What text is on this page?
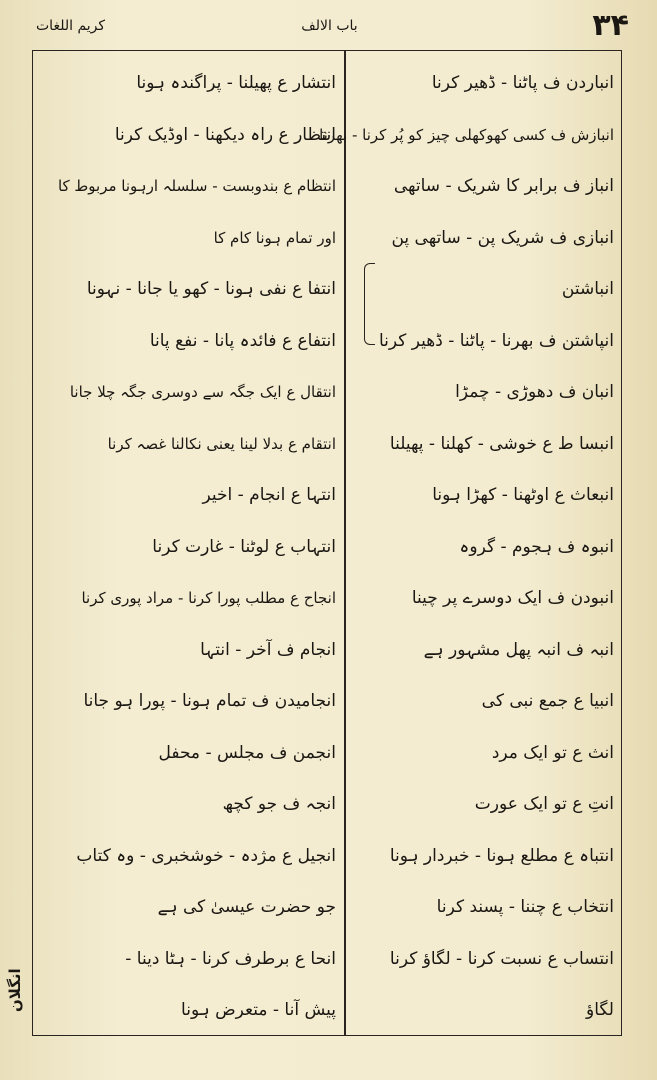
کریم اللغات	باب الالف	۳۴
انتشار ع پھیلنا - پراگندہ ہونا
انتظار ع راہ دیکھنا - اوڈیک کرنا
انتظام ع بندوبست - سلسلہ ارہونا مربوط کا
اور تمام ہونا کام کا
انتفا ع نفی ہونا - کھو یا جانا - نہونا
انتفاع ع فائدہ پانا - نفع پانا
انتقال ع ایک جگہ سے دوسری جگہ چلا جانا
انتقام ع بدلا لینا یعنی نکالنا غصہ کرنا
انتہا ع انجام - اخیر
انتہاب ع لوٹنا - غارت کرنا
انجاح ع مطلب پورا کرنا - مراد پوری کرنا
انجام ف آخر - انتہا
انجامیدن ف تمام ہونا - پورا ہو جانا
انجمن ف مجلس - محفل
انجہ ف جو کچھ
انجیل ع مژدہ - خوشخبری - وہ کتاب
جو حضرت عیسیٰ کی ہے
انحا ع برطرف کرنا - ہٹا دینا -
پیش آنا - متعرض ہونا
انباردن ف پاٹنا - ڈھیر کرنا
انبازش ف کسی کھوکھلی چیز کو پُر کرنا - بھرنا
انباز ف برابر کا شریک - ساتھی
انبازی ف شریک پن - ساتھی پن
انباشتن
انپاشتن ف بھرنا - پاٹنا - ڈھیر کرنا
انبان ف دھوڑی - چمڑا
انبسا ط ع خوشی - کھلنا - پھیلنا
انبعاث ع اوٹھنا - کھڑا ہونا
انبوہ ف ہجوم - گروہ
انبودن ف ایک دوسرے پر چینا
انبہ ف انبہ پھل مشہور ہے
انبیا ع جمع نبی کی
انث ع تو ایک مرد
انتِ ع تو ایک عورت
انتباہ ع مطلع ہونا - خبردار ہونا
انتخاب ع چننا - پسند کرنا
انتساب ع نسبت کرنا - لگاؤ کرنا
لگاؤ
انگلان
